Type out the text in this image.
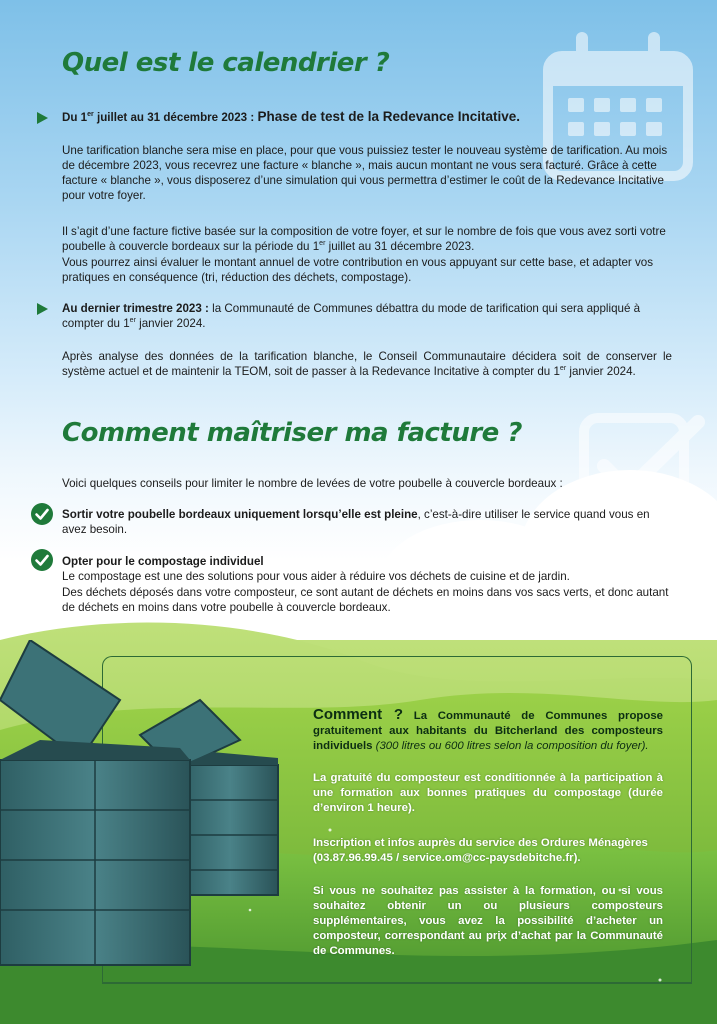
Quel est le calendrier ?

Du 1er juillet au 31 décembre 2023 : Phase de test de la Redevance Incitative.

Une tarification blanche sera mise en place, pour que vous puissiez tester le nouveau système de tarification. Au mois de décembre 2023, vous recevrez une facture « blanche », mais aucun montant ne vous sera facturé. Grâce à cette facture « blanche », vous disposerez d’une simulation qui vous permettra d’estimer le coût de la Redevance Incitative pour votre foyer.

Il s’agit d’une facture fictive basée sur la composition de votre foyer, et sur le nombre de fois que vous avez sorti votre poubelle à couvercle bordeaux sur la période du 1er juillet au 31 décembre 2023.

Vous pourrez ainsi évaluer le montant annuel de votre contribution en vous appuyant sur cette base, et adapter vos pratiques en conséquence (tri, réduction des déchets, compostage).

Au dernier trimestre 2023 : la Communauté de Communes débattra du mode de tarification qui sera appliqué à compter du 1er janvier 2024.

Après analyse des données de la tarification blanche, le Conseil Communautaire décidera soit de conserver le système actuel et de maintenir la TEOM, soit de passer à la Redevance Incitative à compter du 1er janvier 2024.

Comment maîtriser ma facture ?

Voici quelques conseils pour limiter le nombre de levées de votre poubelle à couvercle bordeaux :

Sortir votre poubelle bordeaux uniquement lorsqu’elle est pleine, c’est-à-dire utiliser le service quand vous en avez besoin.

Opter pour le compostage individuel

Le compostage est une des solutions pour vous aider à réduire vos déchets de cuisine et de jardin.

Des déchets déposés dans votre composteur, ce sont autant de déchets en moins dans vos sacs verts, et donc autant de déchets en moins dans votre poubelle à couvercle bordeaux.

Comment ? La Communauté de Communes propose gratuitement aux habitants du Bitcherland des composteurs individuels (300 litres ou 600 litres selon la composition du foyer).
La gratuité du composteur est conditionnée à la participation à une formation aux bonnes pratiques du compostage (durée d’environ 1 heure).
Inscription et infos auprès du service des Ordures Ménagères
(03.87.96.99.45 / service.om@cc-paysdebitche.fr).
Si vous ne souhaitez pas assister à la formation, ou si vous souhaitez obtenir un ou plusieurs composteurs supplémentaires, vous avez la possibilité d’acheter un composteur, correspondant au prix d’achat par la Communauté de Communes.
